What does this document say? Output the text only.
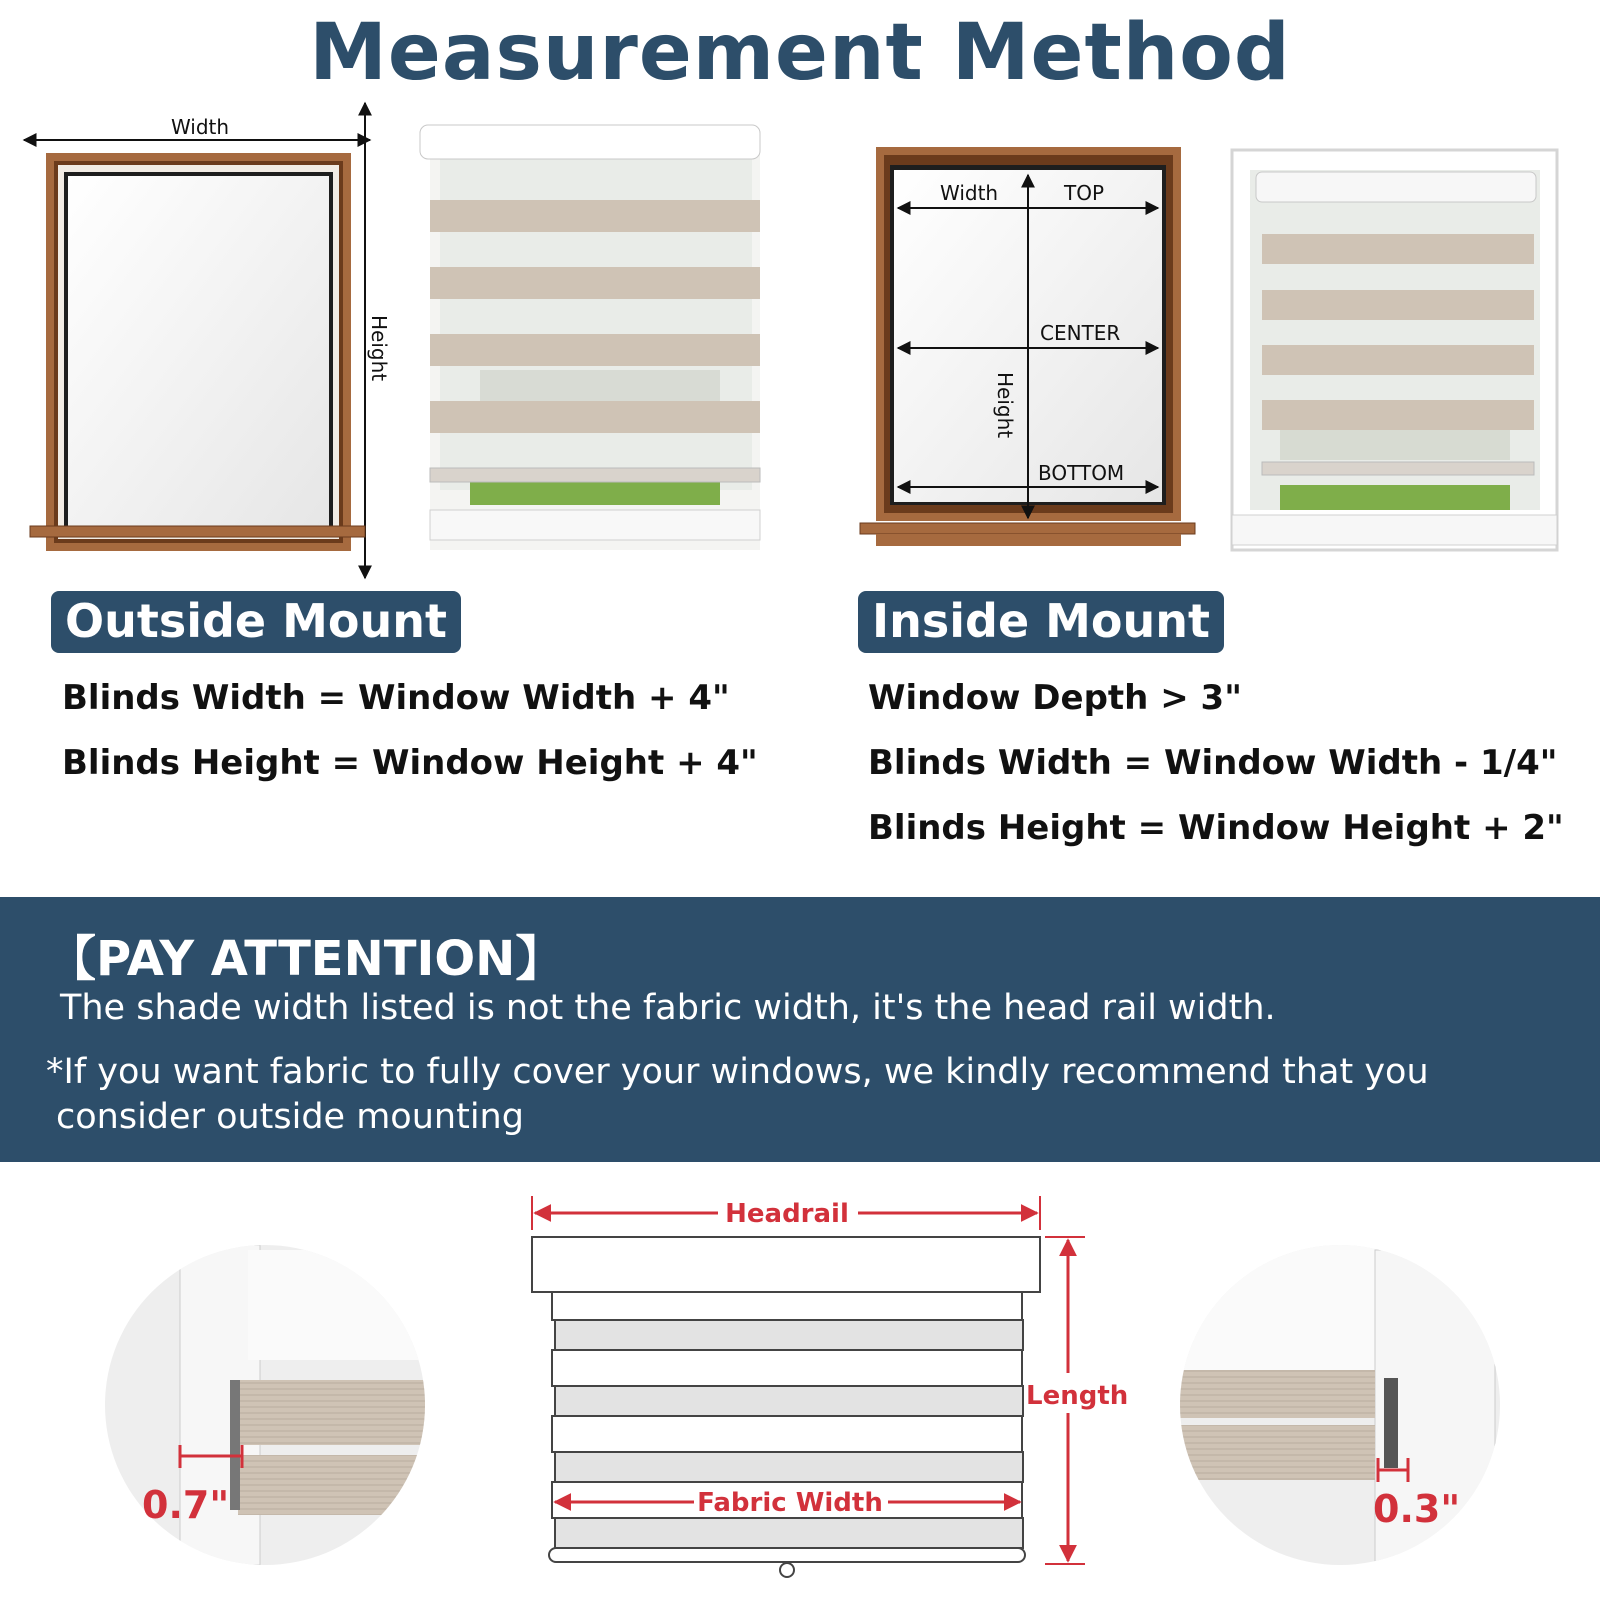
Measurement Method
Width
Height
Width	TOP
CENTER
BOTTOM
Height
Outside Mount	Inside Mount
Blinds Width = Window Width + 4"
Blinds Height = Window Height + 4"
Window Depth > 3"
Blinds Width = Window Width - 1/4"
Blinds Height = Window Height + 2"
【PAY ATTENTION】
The shade width listed is not the fabric width, it's the head rail width.
*If you want fabric to fully cover your windows, we kindly recommend that you
consider outside mounting
0.7"
Headrail
Length
Fabric Width	0.3"
